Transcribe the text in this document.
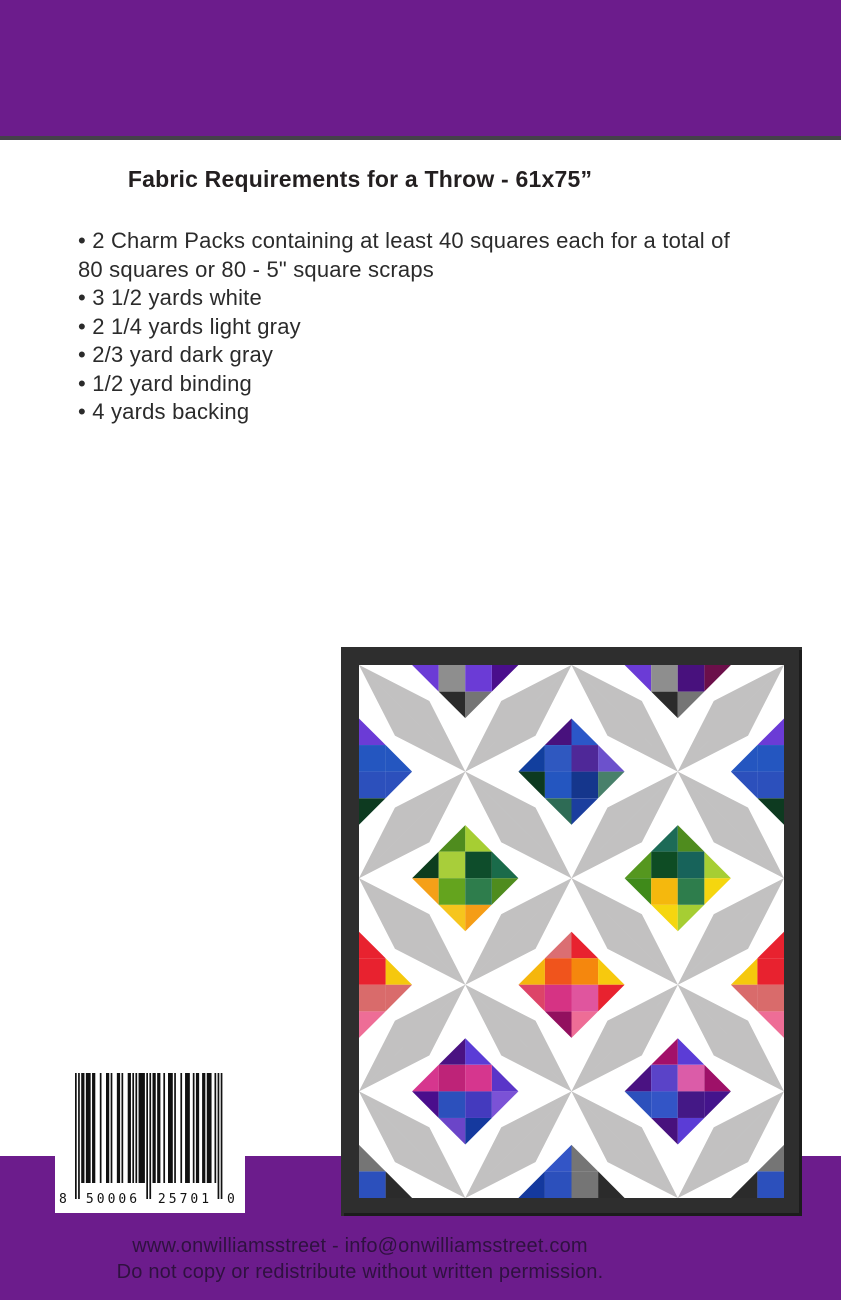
Fabric Requirements for a Throw - 61x75”
• 2 Charm Packs containing at least 40 squares each for a total of 80 squares or 80 - 5" square scraps
• 3 1/2 yards white
• 2 1/4 yards light gray
• 2/3 yard dark gray
• 1/2 yard binding
• 4 yards backing
8 50006 25701 0
www.onwilliamsstreet - info@onwilliamsstreet.com
Do not copy or redistribute without written permission.
